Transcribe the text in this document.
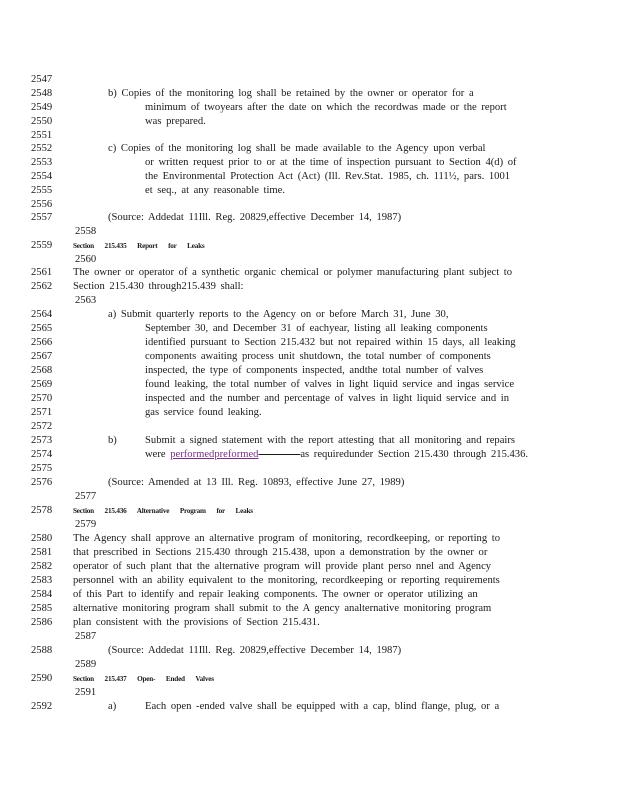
2547
2548	b) Copies of the monitoring log shall be retained by the owner or operator for a
2549	minimum of twoyears after the date on which the recordwas made or the report
2550	was prepared.
2551
2552	c) Copies of the monitoring log shall be made available to the Agency upon verbal
2553	or written request prior to or at the time of inspection pursuant to Section 4(d) of
2554	the Environmental Protection Act (Act) (Ill. Rev.Stat. 1985, ch. 111½, pars. 1001
2555	et seq., at any reasonable time.
2556
2557	(Source: Addedat 11Ill. Reg. 20829,effective December 14, 1987)
2558
2559	Section 215.435 Report for Leaks
2560
2561	The owner or operator of a synthetic organic chemical or polymer manufacturing plant subject to
2562	Section 215.430 through215.439 shall:
2563
2564	a) Submit quarterly reports to the Agency on or before March 31, June 30,
2565	September 30, and December 31 of eachyear, listing all leaking components
2566	identified pursuant to Section 215.432 but not repaired within 15 days, all leaking
2567	components awaiting process unit shutdown, the total number of components
2568	inspected, the type of components inspected, andthe total number of valves
2569	found leaking, the total number of valves in light liquid service and ingas service
2570	inspected and the number and percentage of valves in light liquid service and in
2571	gas service found leaking.
2572
2573	b)	Submit a signed statement with the report attesting that all monitoring and repairs
2574	were performedpreformed	as requiredunder Section 215.430 through 215.436.
2575
2576	(Source: Amended at 13 Ill. Reg. 10893, effective June 27, 1989)
2577
2578	Section 215.436 Alternative Program for Leaks
2579
2580	The Agency shall approve an alternative program of monitoring, recordkeeping, or reporting to
2581	that prescribed in Sections 215.430 through 215.438, upon a demonstration by the owner or
2582	operator of such plant that the alternative program will provide plant perso nnel and Agency
2583	personnel with an ability equivalent to the monitoring, recordkeeping or reporting requirements
2584	of this Part to identify and repair leaking components. The owner or operator utilizing an
2585	alternative monitoring program shall submit to the A gency analternative monitoring program
2586	plan consistent with the provisions of Section 215.431.
2587
2588	(Source: Addedat 11Ill. Reg. 20829,effective December 14, 1987)
2589
2590	Section 215.437 Open- Ended Valves
2591
2592	a)	Each open -ended valve shall be equipped with a cap, blind flange, plug, or a
